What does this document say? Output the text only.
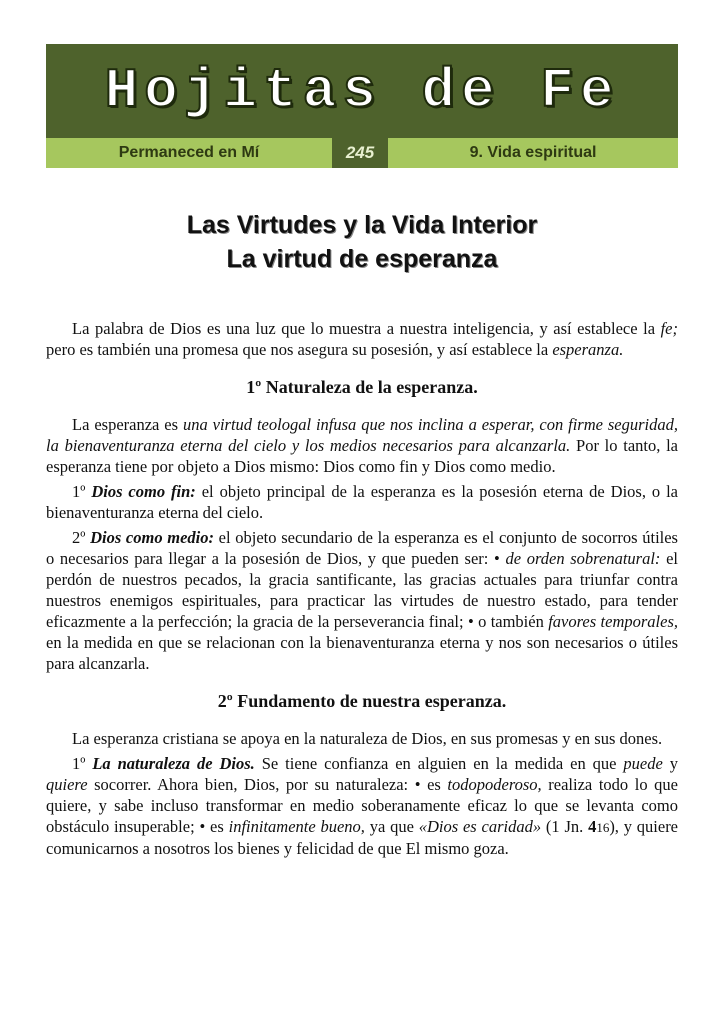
Hojitas de Fe
Permaneced en Mí	245	9. Vida espiritual
Las Virtudes y la Vida Interior
La virtud de esperanza

La palabra de Dios es una luz que lo muestra a nuestra inteligencia, y así establece la fe; pero es también una promesa que nos asegura su posesión, y así establece la esperanza.

1º Naturaleza de la esperanza.

La esperanza es una virtud teologal infusa que nos inclina a esperar, con firme seguridad, la bienaventuranza eterna del cielo y los medios necesarios para alcanzarla. Por lo tanto, la esperanza tiene por objeto a Dios mismo: Dios como fin y Dios como medio.

1º Dios como fin: el objeto principal de la esperanza es la posesión eterna de Dios, o la bienaventuranza eterna del cielo.

2º Dios como medio: el objeto secundario de la esperanza es el conjunto de socorros útiles o necesarios para llegar a la posesión de Dios, y que pueden ser: • de orden sobrenatural: el perdón de nuestros pecados, la gracia santificante, las gracias actuales para triunfar contra nuestros enemigos espirituales, para practicar las virtudes de nuestro estado, para tender eficazmente a la perfección; la gracia de la perseverancia final; • o también favores temporales, en la medida en que se relacionan con la bienaventuranza eterna y nos son necesarios o útiles para alcanzarla.

2º Fundamento de nuestra esperanza.

La esperanza cristiana se apoya en la naturaleza de Dios, en sus promesas y en sus dones.

1º La naturaleza de Dios. Se tiene confianza en alguien en la medida en que puede y quiere socorrer. Ahora bien, Dios, por su naturaleza: • es todopoderoso, realiza todo lo que quiere, y sabe incluso transformar en medio soberanamente eficaz lo que se levanta como obstáculo insuperable; • es infinitamente bueno, ya que «Dios es caridad» (1 Jn. 416), y quiere comunicarnos a nosotros los bienes y felicidad de que El mismo goza.
